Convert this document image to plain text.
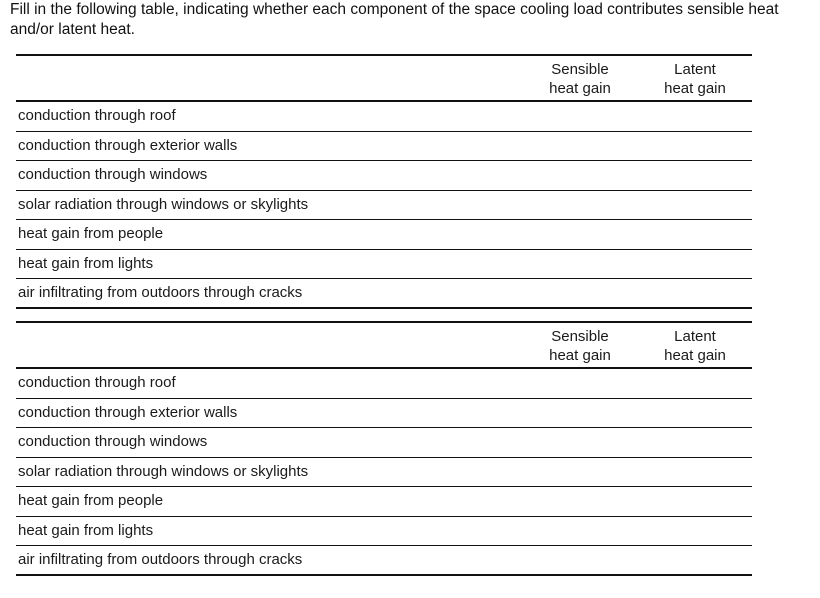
Fill in the following table, indicating whether each component of the space cooling load contributes sensible heat and/or latent heat.
Sensible
heat gain
Latent
heat gain
conduction through roof
conduction through exterior walls
conduction through windows
solar radiation through windows or skylights
heat gain from people
heat gain from lights
air infiltrating from outdoors through cracks
Sensible
heat gain
Latent
heat gain
conduction through roof
conduction through exterior walls
conduction through windows
solar radiation through windows or skylights
heat gain from people
heat gain from lights
air infiltrating from outdoors through cracks
